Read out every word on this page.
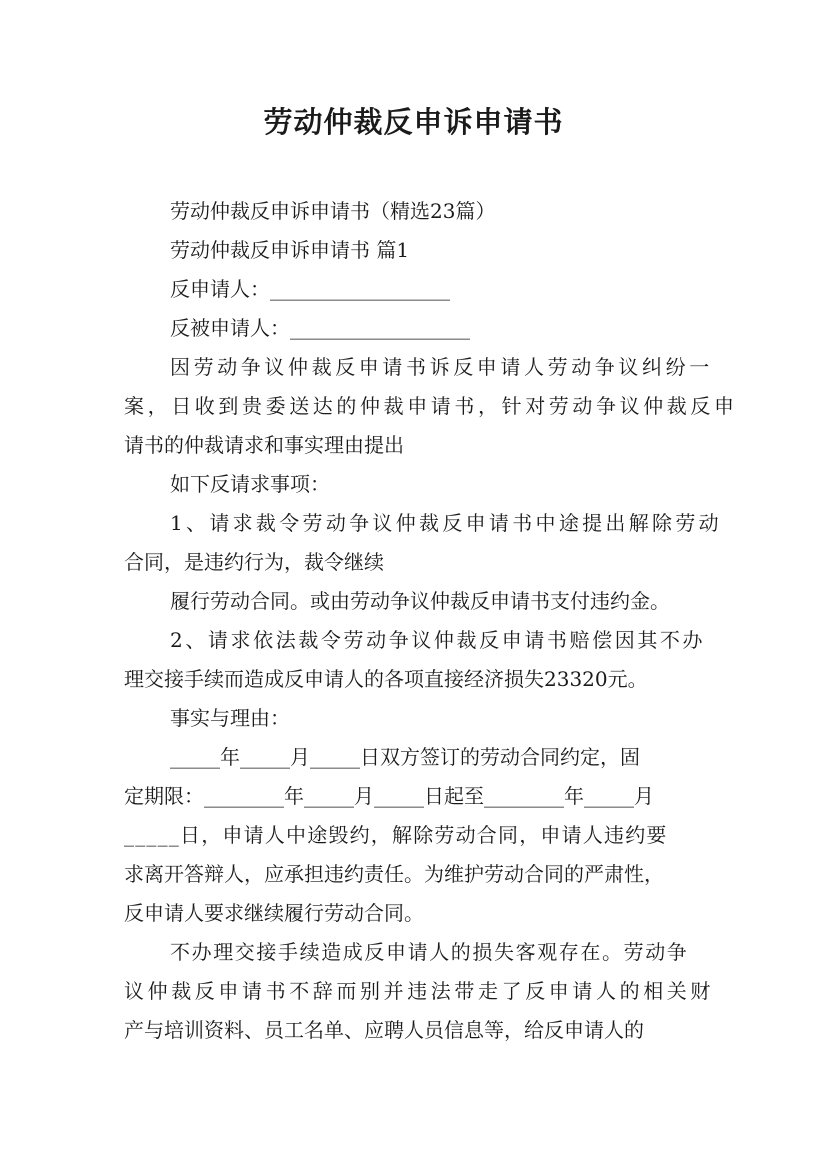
劳动仲裁反申诉申请书
劳动仲裁反申诉申请书（精选23篇）
劳动仲裁反申诉申请书 篇1
反申请人：__________________
反被申请人：__________________
因劳动争议仲裁反申请书诉反申请人劳动争议纠纷一
案，日收到贵委送达的仲裁申请书，针对劳动争议仲裁反申
请书的仲裁请求和事实理由提出
如下反请求事项：
1、请求裁令劳动争议仲裁反申请书中途提出解除劳动
合同，是违约行为，裁令继续
履行劳动合同。或由劳动争议仲裁反申请书支付违约金。
2、请求依法裁令劳动争议仲裁反申请书赔偿因其不办
理交接手续而造成反申请人的各项直接经济损失23320元。
事实与理由：
_____年_____月_____日双方签订的劳动合同约定，固
定期限：________年_____月_____日起至________年_____月
_____日，申请人中途毁约，解除劳动合同，申请人违约要
求离开答辩人，应承担违约责任。为维护劳动合同的严肃性，
反申请人要求继续履行劳动合同。
不办理交接手续造成反申请人的损失客观存在。劳动争
议仲裁反申请书不辞而别并违法带走了反申请人的相关财
产与培训资料、员工名单、应聘人员信息等，给反申请人的
